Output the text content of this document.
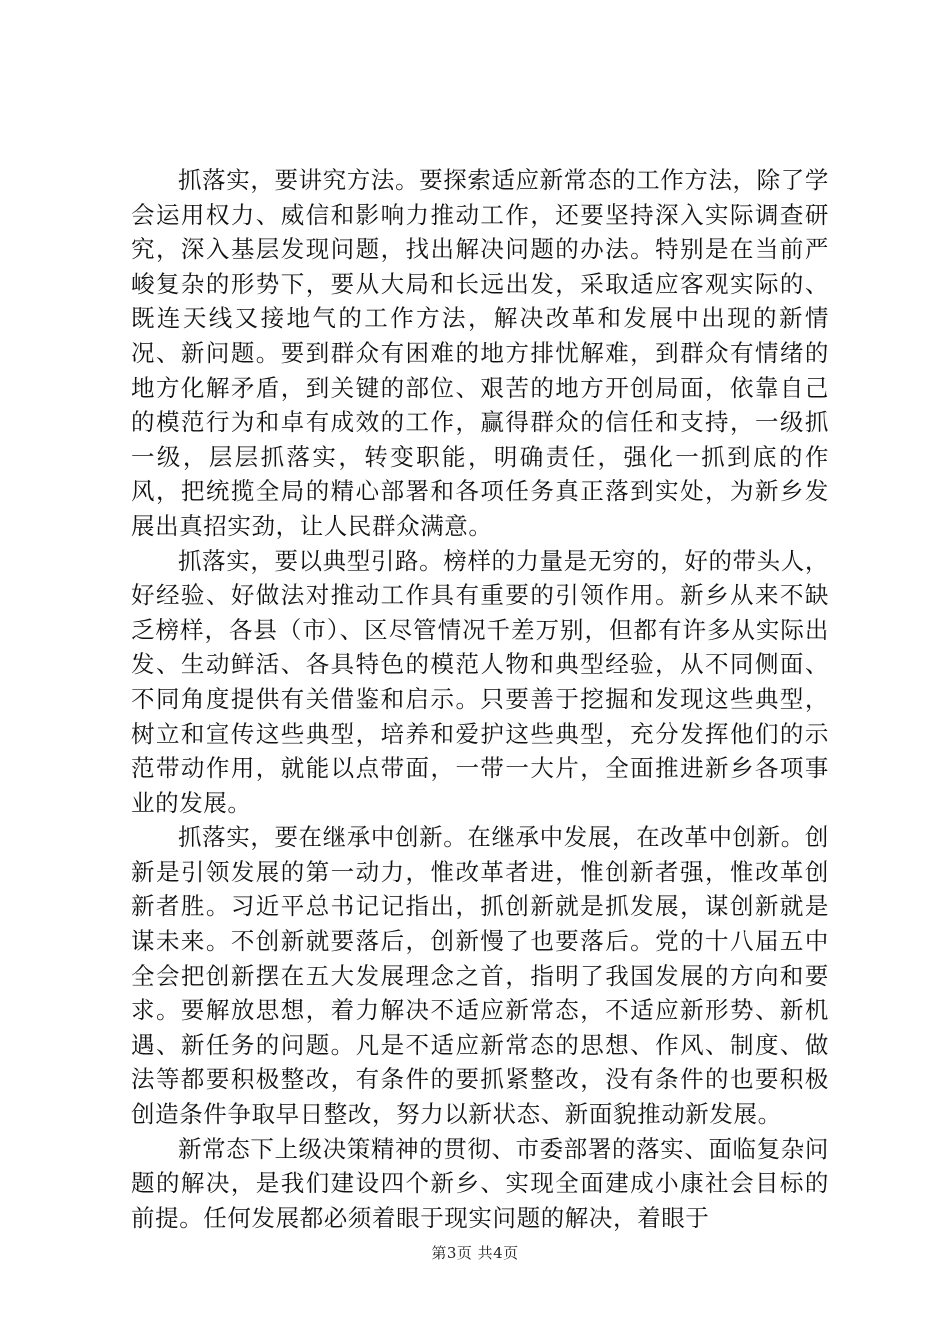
抓落实，要讲究方法。要探索适应新常态的工作方法，除了学会运用权力、威信和影响力推动工作，还要坚持深入实际调查研究，深入基层发现问题，找出解决问题的办法。特别是在当前严峻复杂的形势下，要从大局和长远出发，采取适应客观实际的、既连天线又接地气的工作方法，解决改革和发展中出现的新情况、新问题。要到群众有困难的地方排忧解难，到群众有情绪的地方化解矛盾，到关键的部位、艰苦的地方开创局面，依靠自己的模范行为和卓有成效的工作，赢得群众的信任和支持，一级抓一级，层层抓落实，转变职能，明确责任，强化一抓到底的作风，把统揽全局的精心部署和各项任务真正落到实处，为新乡发展出真招实劲，让人民群众满意。

抓落实，要以典型引路。榜样的力量是无穷的，好的带头人，好经验、好做法对推动工作具有重要的引领作用。新乡从来不缺乏榜样，各县（市）、区尽管情况千差万别，但都有许多从实际出发、生动鲜活、各具特色的模范人物和典型经验，从不同侧面、不同角度提供有关借鉴和启示。只要善于挖掘和发现这些典型，树立和宣传这些典型，培养和爱护这些典型，充分发挥他们的示范带动作用，就能以点带面，一带一大片，全面推进新乡各项事业的发展。

抓落实，要在继承中创新。在继承中发展，在改革中创新。创新是引领发展的第一动力，惟改革者进，惟创新者强，惟改革创新者胜。习近平总书记记指出，抓创新就是抓发展，谋创新就是谋未来。不创新就要落后，创新慢了也要落后。党的十八届五中全会把创新摆在五大发展理念之首，指明了我国发展的方向和要求。要解放思想，着力解决不适应新常态，不适应新形势、新机遇、新任务的问题。凡是不适应新常态的思想、作风、制度、做法等都要积极整改，有条件的要抓紧整改，没有条件的也要积极创造条件争取早日整改，努力以新状态、新面貌推动新发展。

新常态下上级决策精神的贯彻、市委部署的落实、面临复杂问题的解决，是我们建设四个新乡、实现全面建成小康社会目标的前提。任何发展都必须着眼于现实问题的解决，着眼于

第3页 共4页
